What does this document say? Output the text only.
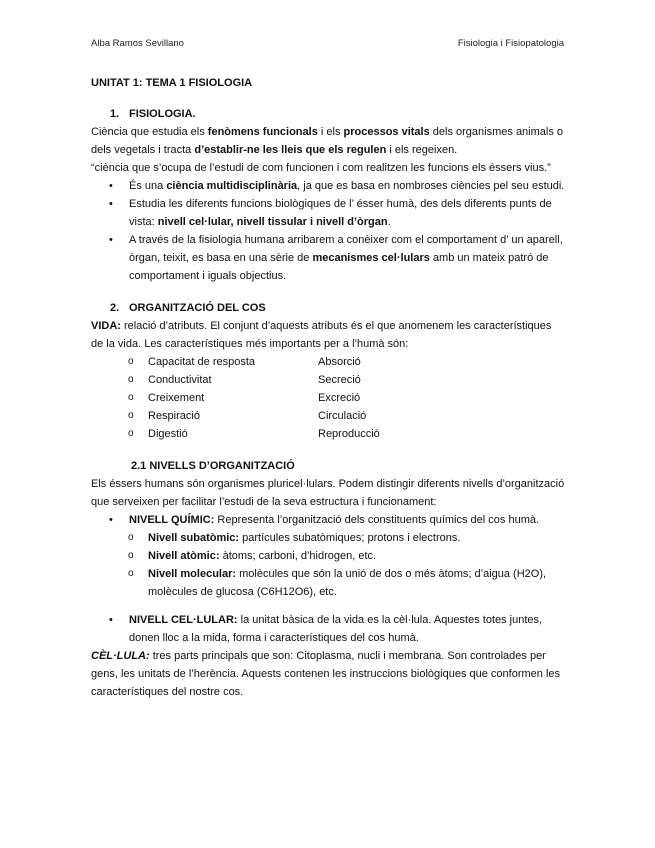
Alba Ramos Sevillano	Fisiologia i Fisiopatologia

UNITAT 1: TEMA 1 FISIOLOGIA

1. FISIOLOGIA.

Ciència que estudia els fenòmens funcionals i els processos vitals dels organismes animals o dels vegetals i tracta d’establir-ne les lleis que els regulen i els regeixen.

“ciència que s’ocupa de l’estudi de com funcionen i com realitzen les funcions els éssers vius.”

• És una ciència multidisciplinària, ja que es basa en nombroses ciències pel seu estudi.
• Estudia les diferents funcions biològiques de l’ ésser humà, des dels diferents punts de vista: nivell cel·lular, nivell tissular i nivell d’òrgan.
• A través de la fisiologia humana arribarem a conèixer com el comportament d’ un aparell, òrgan, teixit, es basa en una sèrie de mecanismes cel·lulars amb un mateix patró de comportament i iguals objectius.

2. ORGANITZACIÓ DEL COS

VIDA: relació d’atributs. El conjunt d’aquests atributs és el que anomenem les característiques de la vida. Les característiques més importants per a l’humà són:

o Capacitat de resposta	Absorció
o Conductivitat	Secreció
o Creixement	Excreció
o Respiració	Circulació
o Digestió	Reproducció

2.1 NIVELLS D’ORGANITZACIÓ

Els éssers humans són organismes pluricel·lulars. Podem distingir diferents nivells d’organització que serveixen per facilitar l’estudi de la seva estructura i funcionament:

• NIVELL QUÍMIC: Representa l’organització dels constituents químics del cos humà.
o Nivell subatòmic: partícules subatòmiques; protons i electrons.
o Nivell atòmic: àtoms; carboni, d’hidrogen, etc.
o Nivell molecular: molècules que són la unió de dos o més àtoms; d’aigua (H2O), molècules de glucosa (C6H12O6), etc.
• NIVELL CEL·LULAR: la unitat bàsica de la vida es la cèl·lula. Aquestes totes juntes, donen lloc a la mida, forma i característiques del cos humà.

CÈL·LULA: tres parts principals que son: Citoplasma, nucli i membrana. Son controlades per gens, les unitats de l’herència. Aquests contenen les instruccions biològiques que conformen les característiques del nostre cos.
